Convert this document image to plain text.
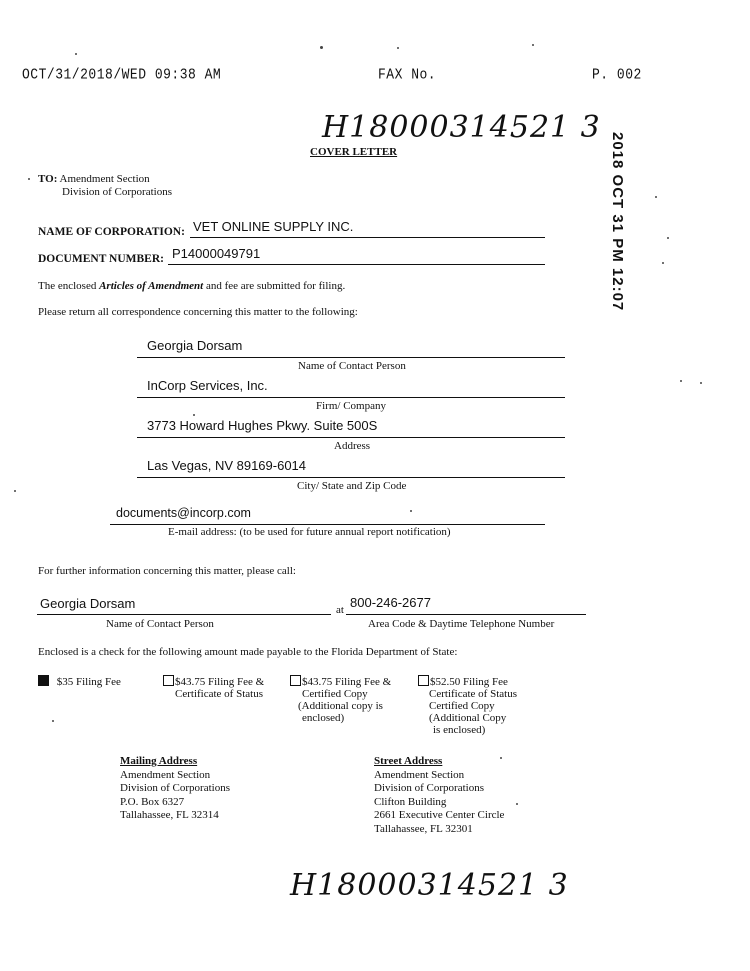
OCT/31/2018/WED 09:38 AM	FAX No.	P. 002
H18000314521 3
COVER LETTER	2018 OCT 31 PM 12:07
TO: Amendment Section
Division of Corporations
NAME OF CORPORATION: VET ONLINE SUPPLY INC.
DOCUMENT NUMBER: P14000049791
The enclosed Articles of Amendment and fee are submitted for filing.
Please return all correspondence concerning this matter to the following:
Georgia Dorsam
Name of Contact Person
InCorp Services, Inc.
Firm/ Company
3773 Howard Hughes Pkwy. Suite 500S
Address
Las Vegas, NV 89169-6014
City/ State and Zip Code
documents@incorp.com
E-mail address: (to be used for future annual report notification)
For further information concerning this matter, please call:
Georgia Dorsam	at 800-246-2677
Name of Contact Person	Area Code & Daytime Telephone Number
Enclosed is a check for the following amount made payable to the Florida Department of State:
$35 Filing Fee	$43.75 Filing Fee &
Certificate of Status
$43.75 Filing Fee &
Certified Copy
(Additional copy is
enclosed)
$52.50 Filing Fee
Certificate of Status
Certified Copy
(Additional Copy
is enclosed)
Mailing Address
Amendment Section
Division of Corporations
P.O. Box 6327
Tallahassee, FL 32314
Street Address
Amendment Section
Division of Corporations
Clifton Building
2661 Executive Center Circle
Tallahassee, FL 32301
H18000314521 3
